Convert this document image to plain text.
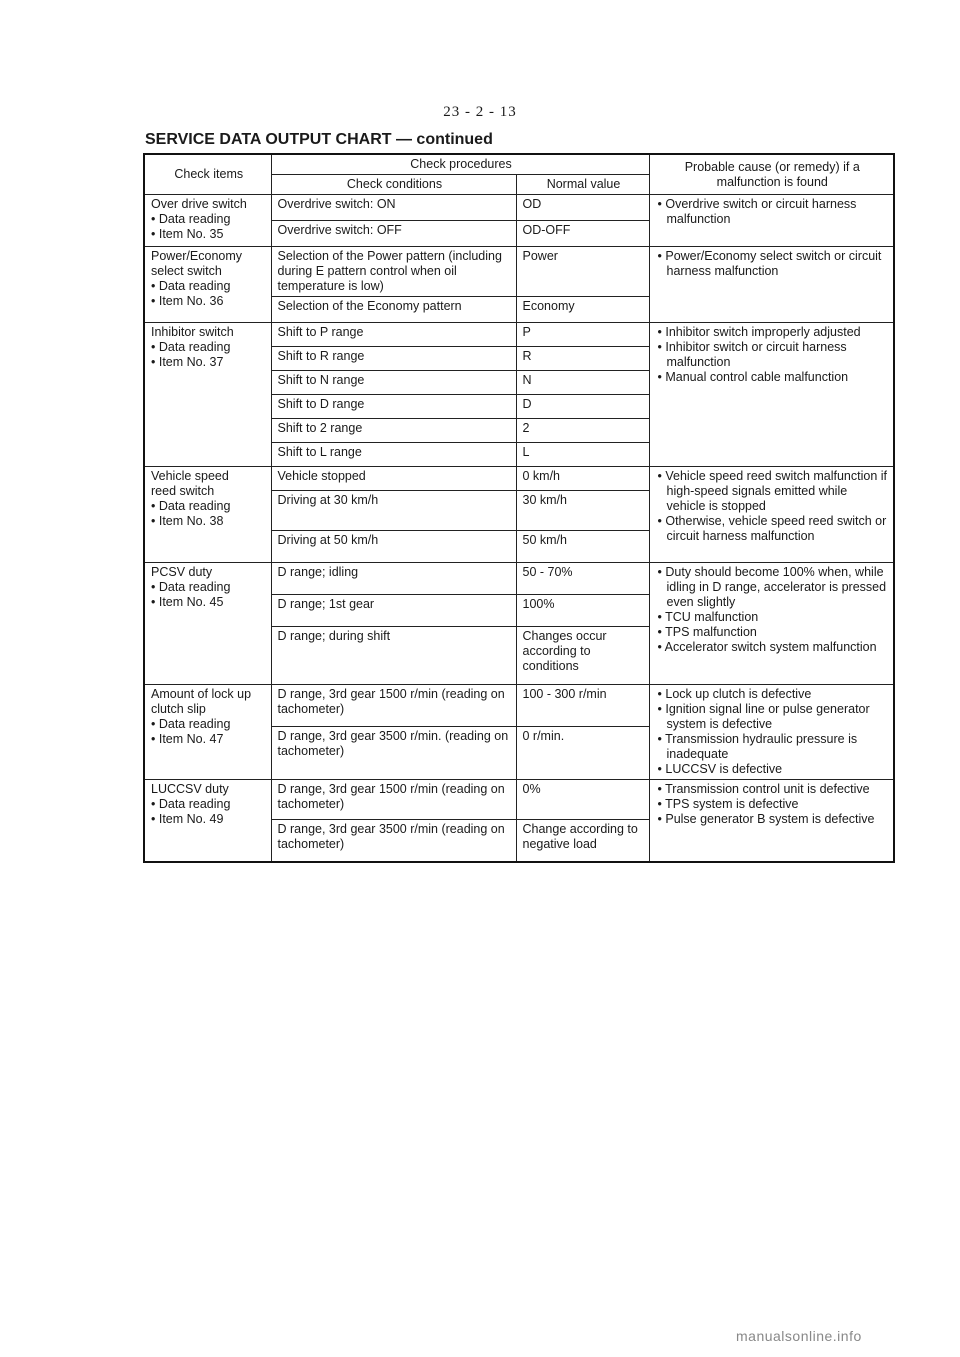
23 - 2 - 13
SERVICE DATA OUTPUT CHART — continued
Check items	Check procedures		Probable cause (or remedy) if a malfunction is found
	Check conditions	Normal value	

Over drive switch
• Data reading
• Item No. 35	Overdrive switch: ON	OD	• Overdrive switch or circuit harness malfunction

	Overdrive switch: OFF	OD-OFF	

Power/Economy
select switch
• Data reading
• Item No. 36	Selection of the Power pattern (including during E pattern control when oil temperature is low)	Power	• Power/Economy select switch or circuit harness malfunction

	Selection of the Economy pattern	Economy	

Inhibitor switch
• Data reading
• Item No. 37	Shift to P range	P	• Inhibitor switch improperly adjusted
• Inhibitor switch or circuit harness malfunction
• Manual control cable malfunction

	Shift to R range	R	
	Shift to N range	N	
	Shift to D range	D	
	Shift to 2 range	2	
	Shift to L range	L	

Vehicle speed
reed switch
• Data reading
• Item No. 38	Vehicle stopped	0 km/h	• Vehicle speed reed switch malfunction if high-speed signals emitted while vehicle is stopped
• Otherwise, vehicle speed reed switch or circuit harness malfunction

	Driving at 30 km/h	30 km/h	
	Driving at 50 km/h	50 km/h	

PCSV duty
• Data reading
• Item No. 45	D range; idling	50 - 70%	• Duty should become 100% when, while idling in D range, accelerator is pressed even slightly
• TCU malfunction
• TPS malfunction
• Accelerator switch system malfunction

	D range; 1st gear	100%	
	D range; during shift	Changes occur according to conditions	

Amount of lock up
clutch slip
• Data reading
• Item No. 47	D range, 3rd gear 1500 r/min (reading on tachometer)	100 - 300 r/min	• Lock up clutch is defective
• Ignition signal line or pulse generator system is defective
• Transmission hydraulic pressure is inadequate
• LUCCSV is defective

	D range, 3rd gear 3500 r/min. (reading on tachometer)	0 r/min.	

LUCCSV duty
• Data reading
• Item No. 49	D range, 3rd gear 1500 r/min (reading on tachometer)	0%	• Transmission control unit is defective
• TPS system is defective
• Pulse generator B system is defective

	D range, 3rd gear 3500 r/min (reading on tachometer)	Change according to negative load	
manualsonline.info
